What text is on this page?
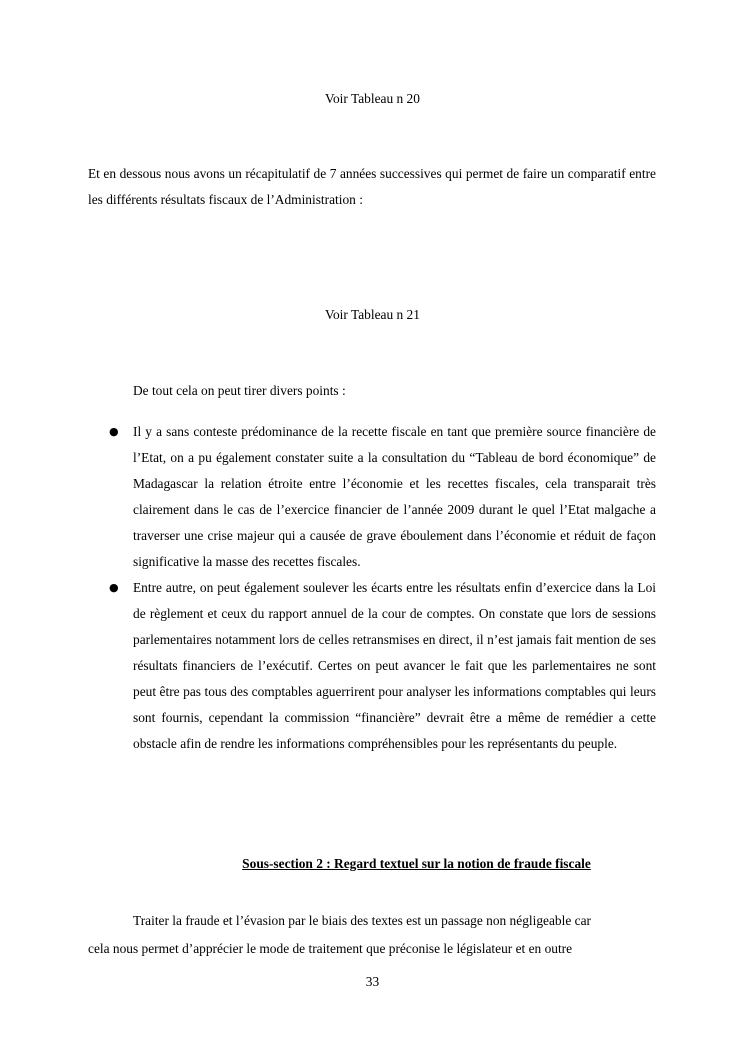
Voir Tableau n 20
Et en dessous nous avons un récapitulatif de 7 années successives qui permet de faire un comparatif entre les différents résultats fiscaux de l’Administration :
Voir Tableau n 21
De tout cela on peut tirer divers points :
● Il y a sans conteste prédominance de la recette fiscale en tant que première source financière de l’Etat, on a pu également constater suite a la consultation du “Tableau de bord économique” de Madagascar la relation étroite entre l’économie et les recettes fiscales, cela transparait très clairement dans le cas de l’exercice financier de l’année 2009 durant le quel l’Etat malgache a traverser une crise majeur qui a causée de grave éboulement dans l’économie et réduit de façon significative la masse des recettes fiscales.
● Entre autre, on peut également soulever les écarts entre les résultats enfin d’exercice dans la Loi de règlement et ceux du rapport annuel de la cour de comptes. On constate que lors de sessions parlementaires notamment lors de celles retransmises en direct, il n’est jamais fait mention de ses résultats financiers de l’exécutif. Certes on peut avancer le fait que les parlementaires ne sont peut être pas tous des comptables aguerrirent pour analyser les informations comptables qui leurs sont fournis, cependant la commission “financière” devrait être a même de remédier a cette obstacle afin de rendre les informations compréhensibles pour les représentants du peuple.
Sous-section 2 : Regard textuel sur la notion de fraude fiscale
Traiter la fraude et l’évasion par le biais des textes est un passage non négligeable car
cela nous permet d’apprécier le mode de traitement que préconise le législateur et en outre
33
